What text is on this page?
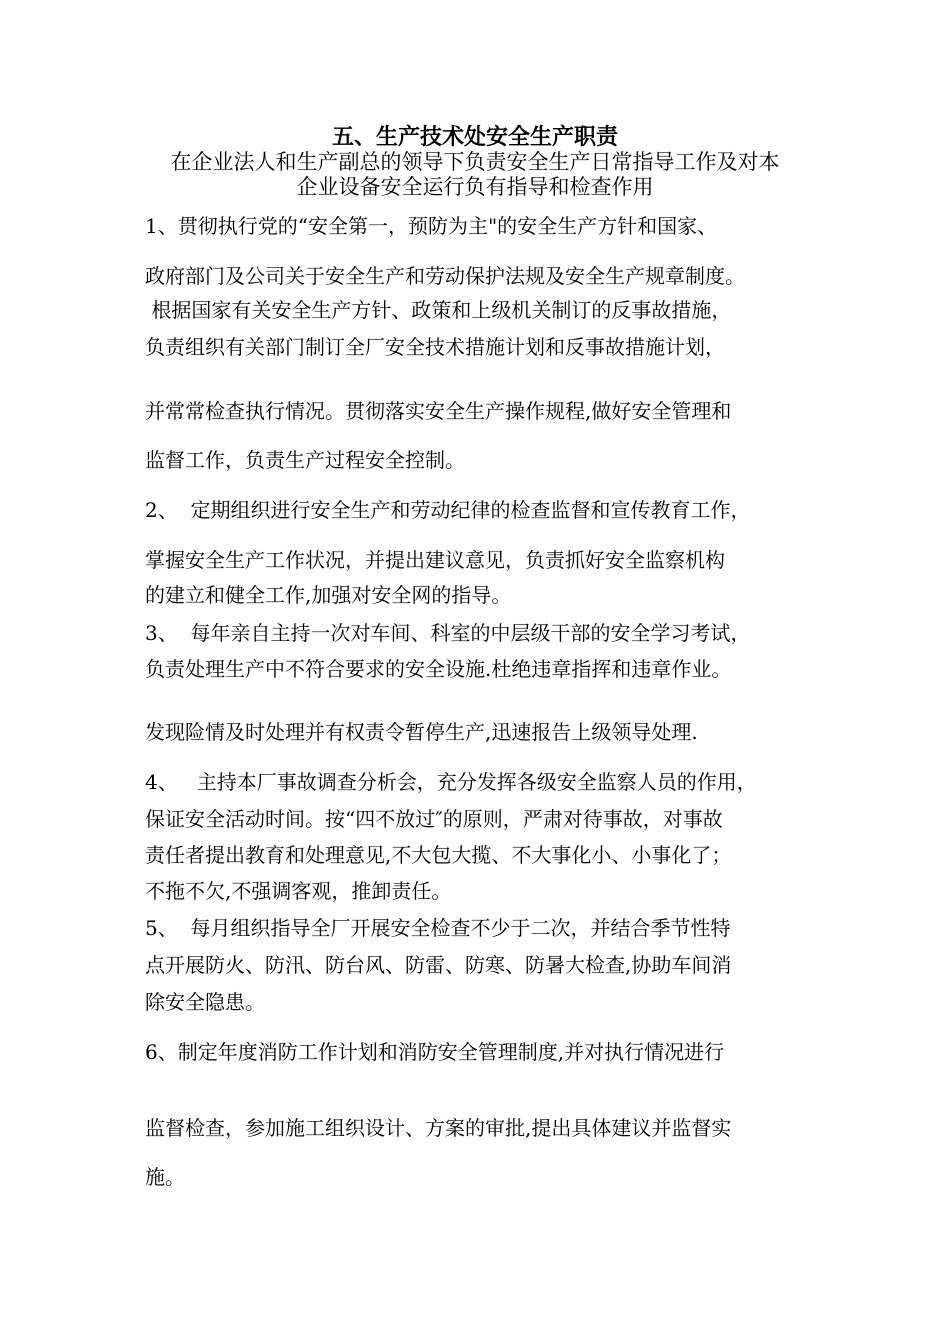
五、生产技术处安全生产职责

在企业法人和生产副总的领导下负责安全生产日常指导工作及对本

企业设备安全运行负有指导和检查作用

1、贯彻执行党的“安全第一，预防为主"的安全生产方针和国家、

政府部门及公司关于安全生产和劳动保护法规及安全生产规章制度。

根据国家有关安全生产方针、政策和上级机关制订的反事故措施，

负责组织有关部门制订全厂安全技术措施计划和反事故措施计划，

并常常检查执行情况。贯彻落实安全生产操作规程,做好安全管理和

监督工作，负责生产过程安全控制。

2、  定期组织进行安全生产和劳动纪律的检查监督和宣传教育工作，

掌握安全生产工作状况，并提出建议意见，负责抓好安全监察机构

的建立和健全工作,加强对安全网的指导。

3、  每年亲自主持一次对车间、科室的中层级干部的安全学习考试，

负责处理生产中不符合要求的安全设施.杜绝违章指挥和违章作业。

发现险情及时处理并有权责令暂停生产,迅速报告上级领导处理.

4、   主持本厂事故调查分析会，充分发挥各级安全监察人员的作用，

保证安全活动时间。按“四不放过″的原则，严肃对待事故，对事故

责任者提出教育和处理意见,不大包大揽、不大事化小、小事化了；

不拖不欠,不强调客观，推卸责任。

5、  每月组织指导全厂开展安全检查不少于二次，并结合季节性特

点开展防火、防汛、防台风、防雷、防寒、防暑大检查,协助车间消

除安全隐患。

6、制定年度消防工作计划和消防安全管理制度,并对执行情况进行

监督检查，参加施工组织设计、方案的审批,提出具体建议并监督实

施。
